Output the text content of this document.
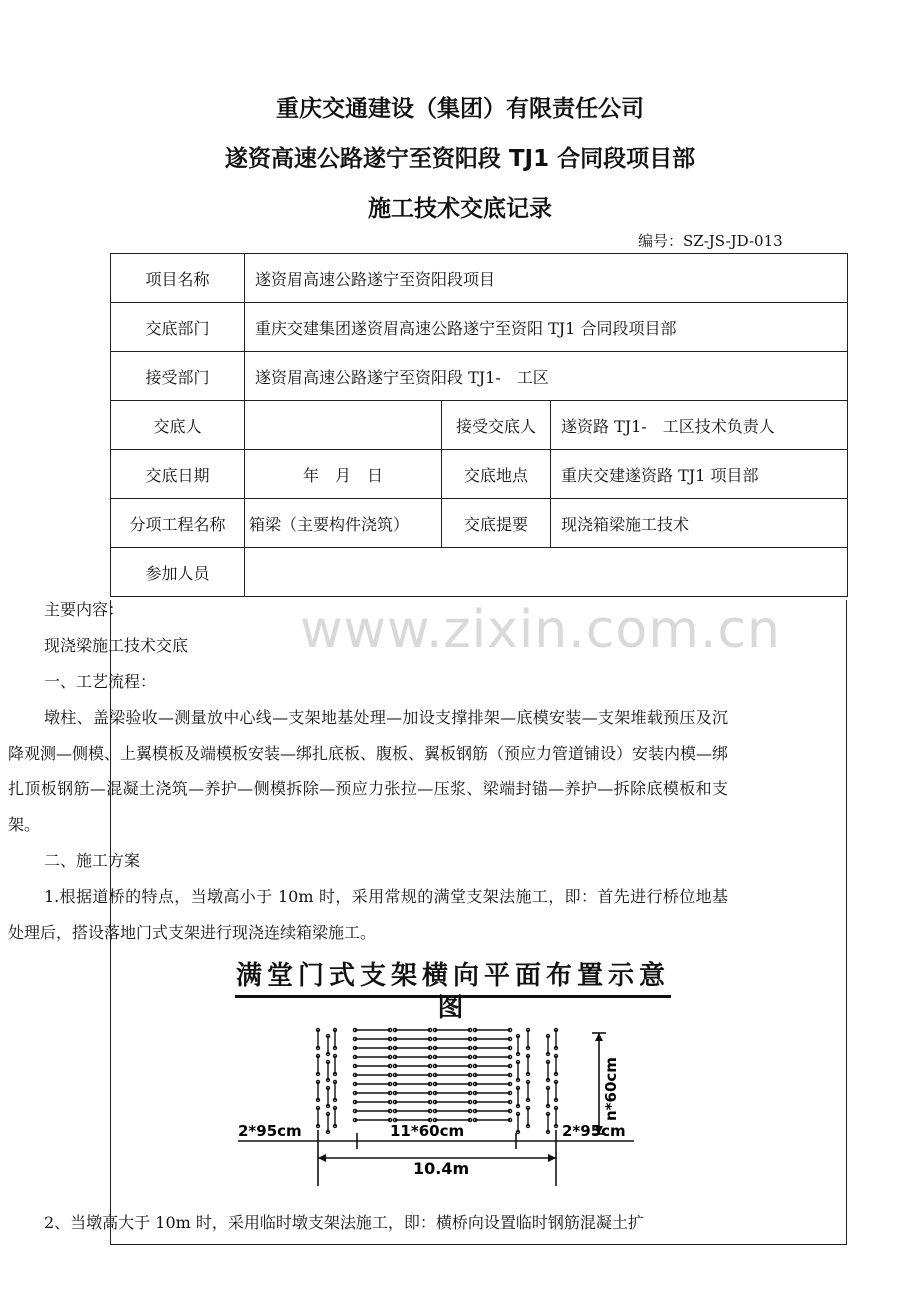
重庆交通建设（集团）有限责任公司
遂资高速公路遂宁至资阳段 TJ1 合同段项目部
施工技术交底记录
编号：SZ-JS-JD-013
项目名称	遂资眉高速公路遂宁至资阳段项目		
交底部门	重庆交建集团遂资眉高速公路遂宁至资阳 TJ1 合同段项目部		
接受部门	遂资眉高速公路遂宁至资阳段 TJ1-　工区		
交底人		接受交底人	遂资路 TJ1-　工区技术负责人
交底日期	年　月　日	交底地点	重庆交建遂资路 TJ1 项目部
分项工程名称	箱梁（主要构件浇筑）	交底提要	现浇箱梁施工技术
参加人员			
主要内容：
现浇梁施工技术交底
一、工艺流程：
墩柱、盖梁验收—测量放中心线—支架地基处理—加设支撑排架—底模安装—支架堆载预压及沉降观测—侧模、上翼模板及端模板安装—绑扎底板、腹板、翼板钢筋（预应力管道铺设）安装内模—绑扎顶板钢筋—混凝土浇筑—养护—侧模拆除—预应力张拉—压浆、梁端封锚—养护—拆除底模板和支架。
二、施工方案
1.根据道桥的特点，当墩高小于 10m 时，采用常规的满堂支架法施工，即：首先进行桥位地基处理后，搭设落地门式支架进行现浇连续箱梁施工。
www.zixin.com.cn
满堂门式支架横向平面布置示意图
2*95cm	11*60cm	2*95cm
10.4m
n*60cm
2、当墩高大于 10m 时，采用临时墩支架法施工，即：横桥向设置临时钢筋混凝土扩
